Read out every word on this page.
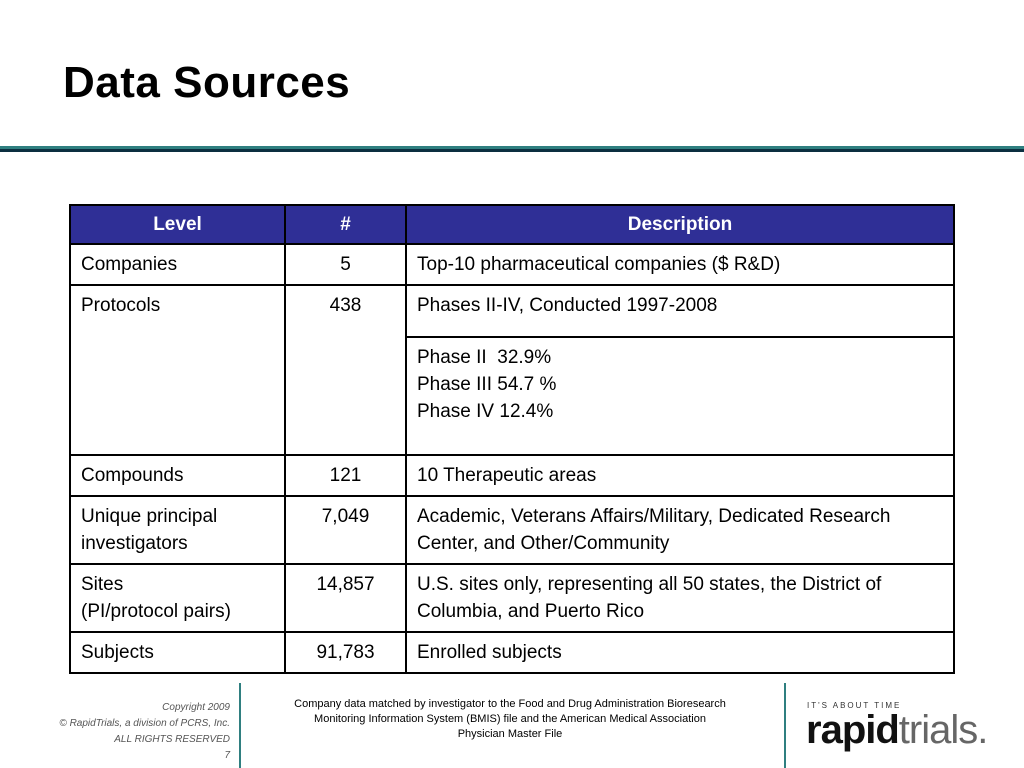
Data Sources
Level	#	Description
Companies	5	Top-10 pharmaceutical companies ($ R&D)
Protocols	438	Phases II-IV, Conducted 1997-2008

		Phase II  32.9%
Phase III 54.7 %
Phase IV 12.4%

Compounds	121	10 Therapeutic areas
Unique principal investigators	7,049	Academic, Veterans Affairs/Military, Dedicated Research Center, and Other/Community
Sites
(PI/protocol pairs)	14,857	U.S. sites only, representing all 50 states, the District of Columbia, and Puerto Rico
Subjects	91,783	Enrolled subjects
Copyright 2009
© RapidTrials, a division of PCRS, Inc.
ALL RIGHTS RESERVED
7
Company data matched by investigator to the Food and Drug Administration Bioresearch Monitoring Information System (BMIS) file and the American Medical Association Physician Master File
IT'S ABOUT TIME
rapidtrials.
